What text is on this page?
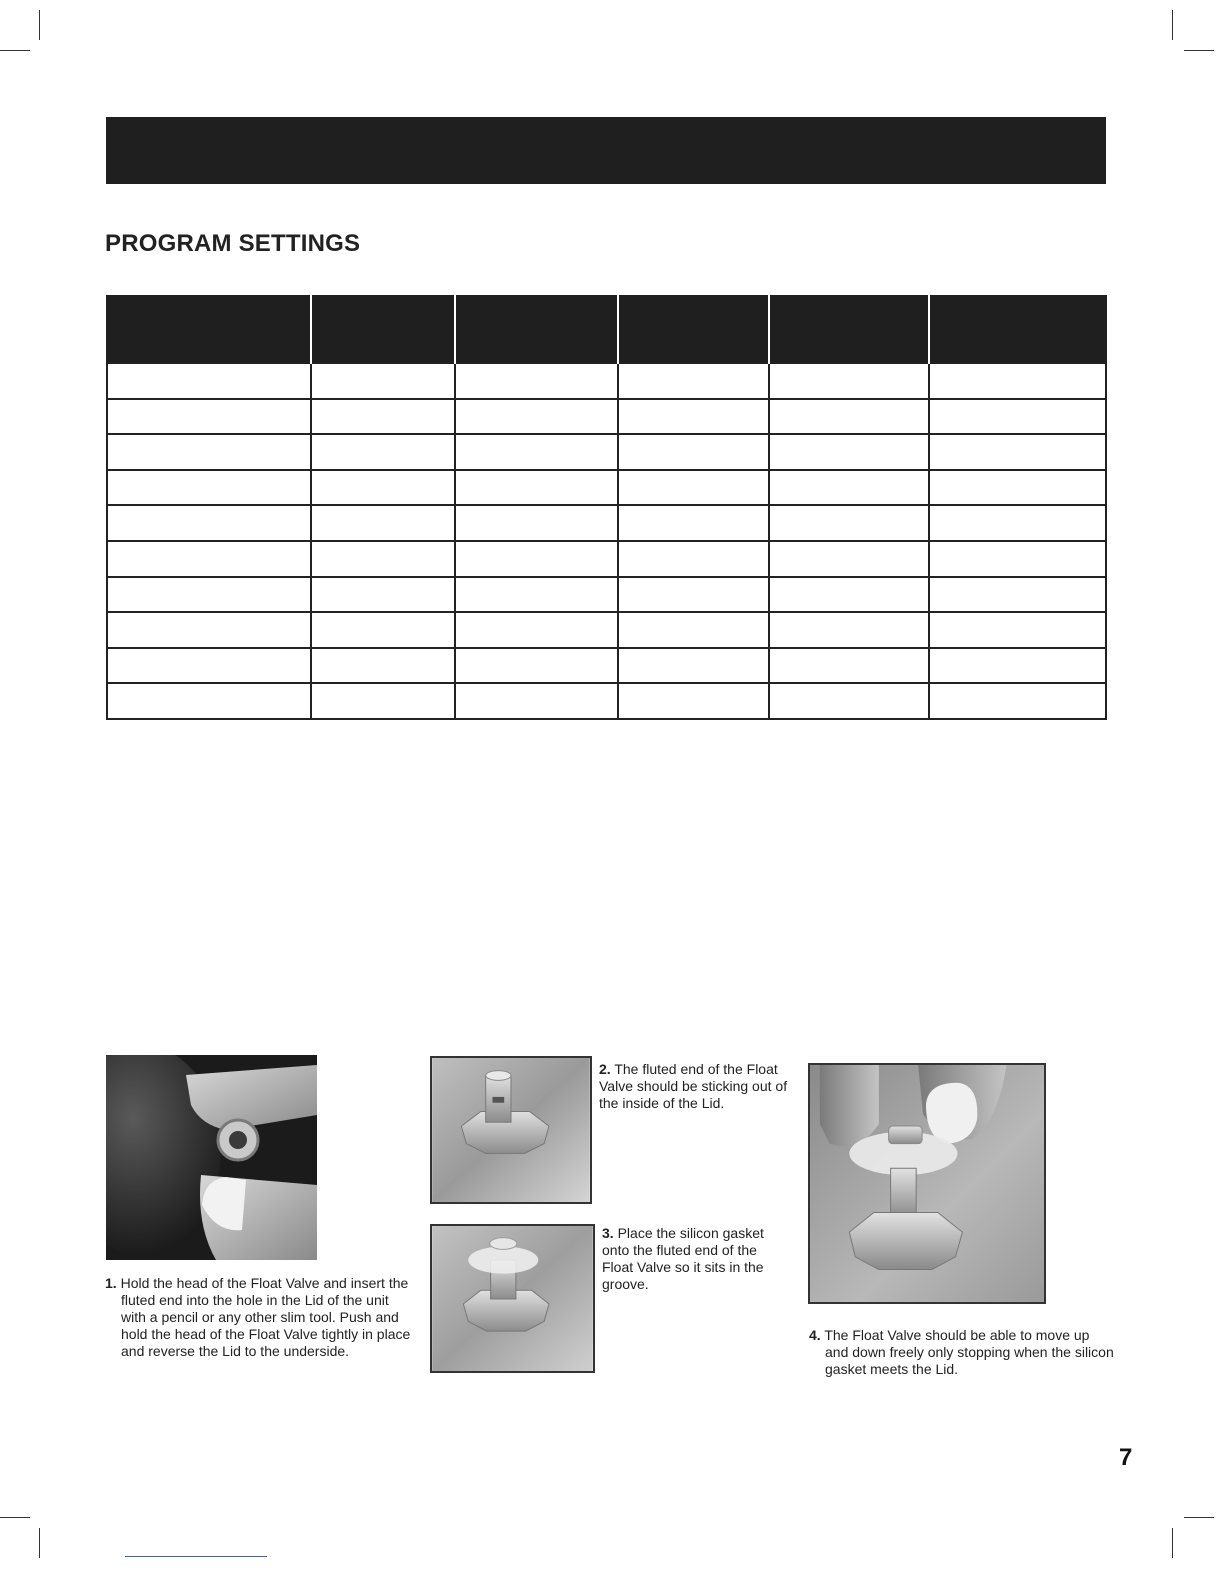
PROGRAM SETTINGS

1. Hold the head of the Float Valve and insert the fluted end into the hole in the Lid of the unit with a pencil or any other slim tool. Push and hold the head of the Float Valve tightly in place and reverse the Lid to the underside.
2. The fluted end of the Float Valve should be sticking out of the inside of the Lid.
3. Place the silicon gasket onto the fluted end of the Float Valve so it sits in the groove.
4. The Float Valve should be able to move up and down freely only stopping when the silicon gasket meets the Lid.
7
